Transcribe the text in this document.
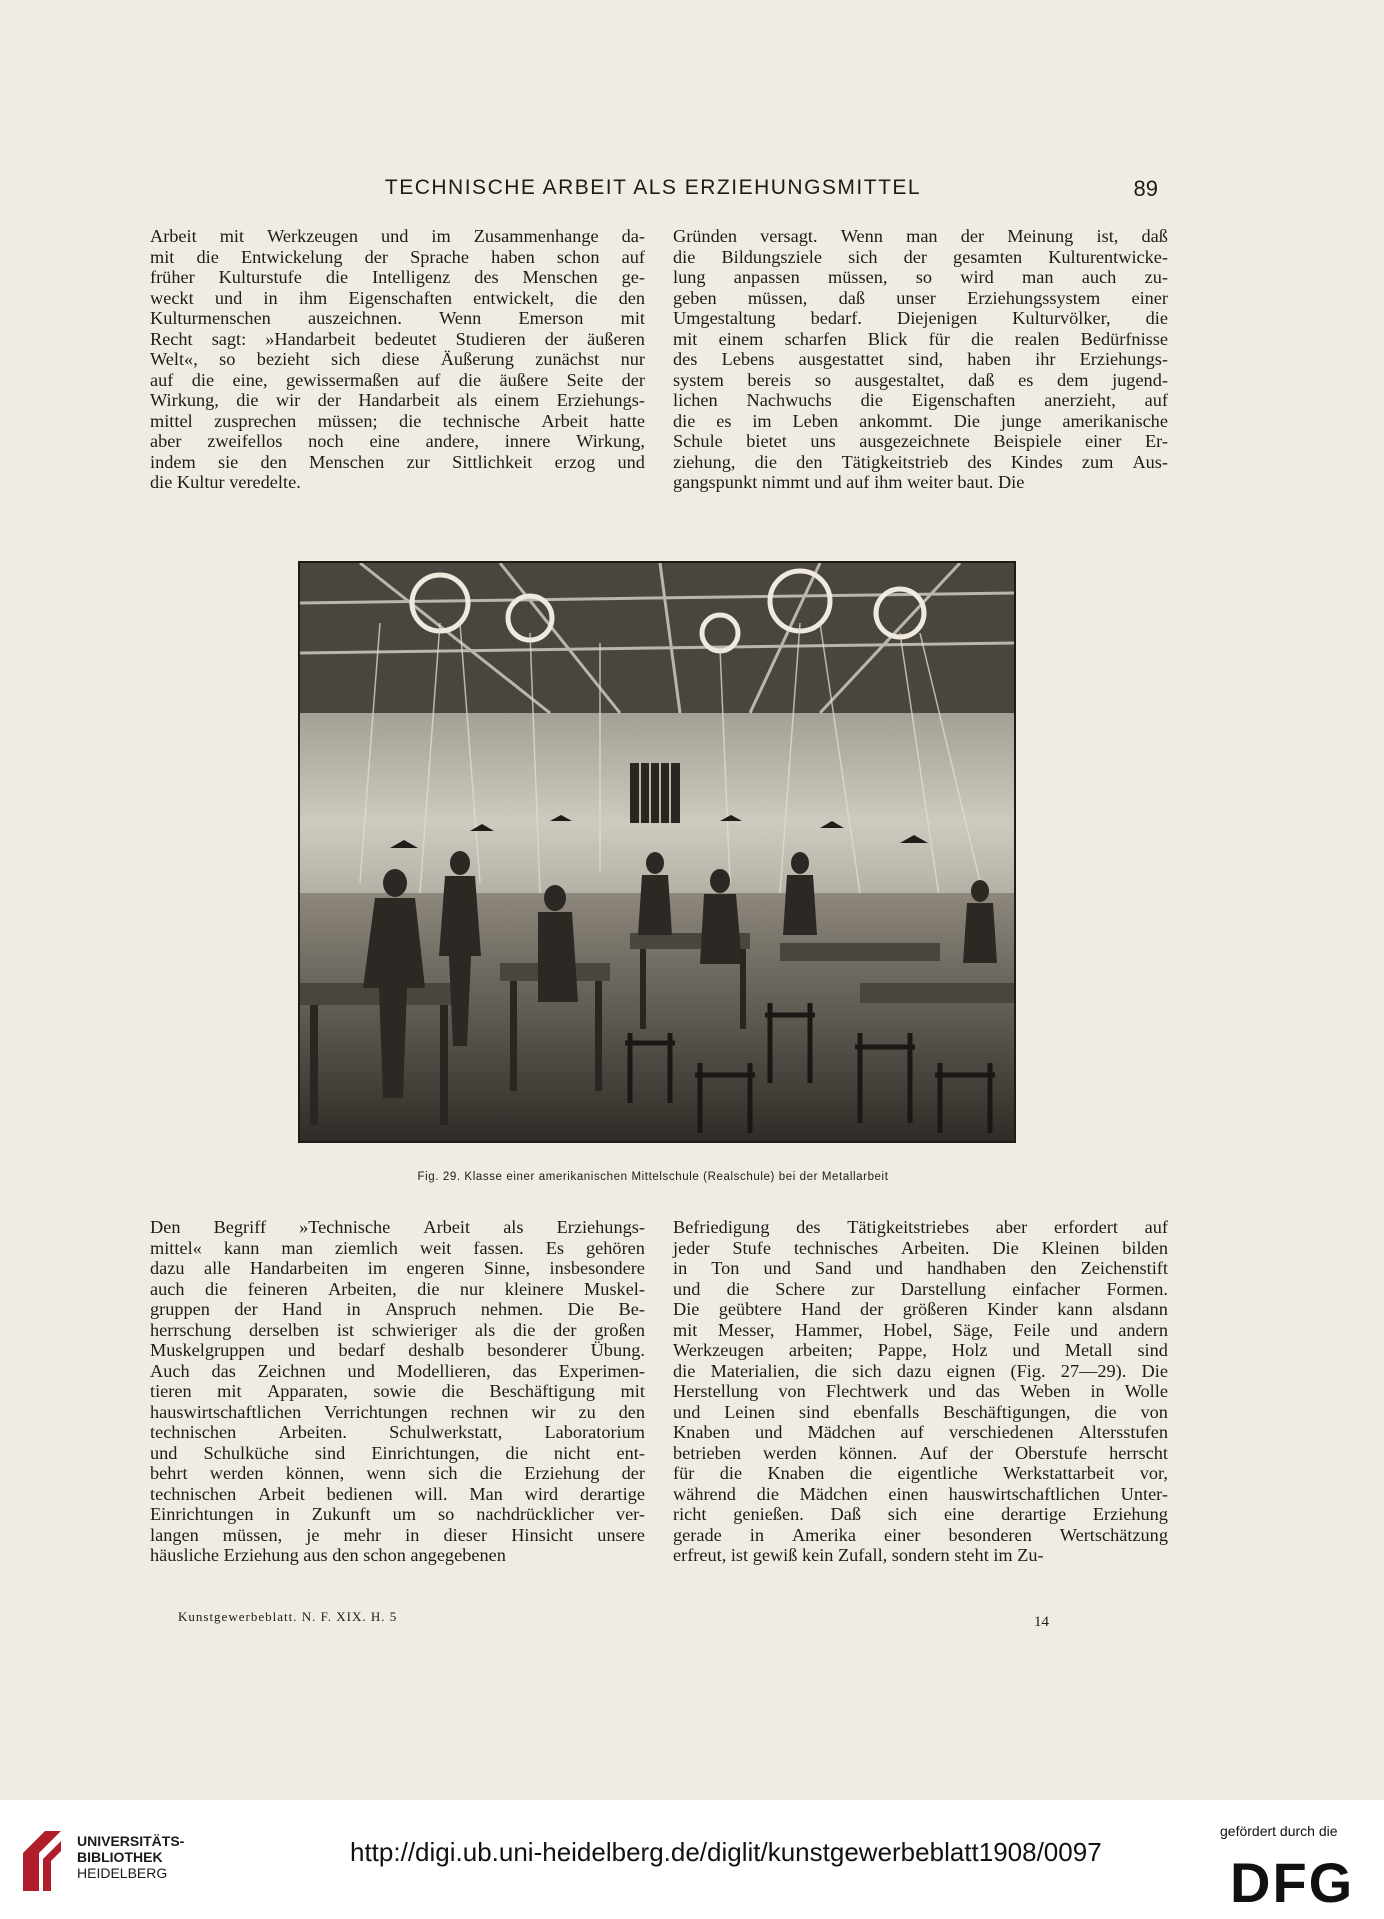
TECHNISCHE ARBEIT ALS ERZIEHUNGSMITTEL	89
Arbeit mit Werkzeugen und im Zusammenhange da-
mit die Entwickelung der Sprache haben schon auf
früher Kulturstufe die Intelligenz des Menschen ge-
weckt und in ihm Eigenschaften entwickelt, die den
Kulturmenschen auszeichnen. Wenn Emerson mit
Recht sagt: »Handarbeit bedeutet Studieren der äußeren
Welt«, so bezieht sich diese Äußerung zunächst nur
auf die eine, gewissermaßen auf die äußere Seite der
Wirkung, die wir der Handarbeit als einem Erziehungs-
mittel zusprechen müssen; die technische Arbeit hatte
aber zweifellos noch eine andere, innere Wirkung,
indem sie den Menschen zur Sittlichkeit erzog und
die Kultur veredelte.
Gründen versagt. Wenn man der Meinung ist, daß
die Bildungsziele sich der gesamten Kulturentwicke-
lung anpassen müssen, so wird man auch zu-
geben müssen, daß unser Erziehungssystem einer
Umgestaltung bedarf. Diejenigen Kulturvölker, die
mit einem scharfen Blick für die realen Bedürfnisse
des Lebens ausgestattet sind, haben ihr Erziehungs-
system bereis so ausgestaltet, daß es dem jugend-
lichen Nachwuchs die Eigenschaften anerzieht, auf
die es im Leben ankommt. Die junge amerikanische
Schule bietet uns ausgezeichnete Beispiele einer Er-
ziehung, die den Tätigkeitstrieb des Kindes zum Aus-
gangspunkt nimmt und auf ihm weiter baut. Die
Fig. 29. Klasse einer amerikanischen Mittelschule (Realschule) bei der Metallarbeit
Den Begriff »Technische Arbeit als Erziehungs-
mittel« kann man ziemlich weit fassen. Es gehören
dazu alle Handarbeiten im engeren Sinne, insbesondere
auch die feineren Arbeiten, die nur kleinere Muskel-
gruppen der Hand in Anspruch nehmen. Die Be-
herrschung derselben ist schwieriger als die der großen
Muskelgruppen und bedarf deshalb besonderer Übung.
Auch das Zeichnen und Modellieren, das Experimen-
tieren mit Apparaten, sowie die Beschäftigung mit
hauswirtschaftlichen Verrichtungen rechnen wir zu den
technischen Arbeiten. Schulwerkstatt, Laboratorium
und Schulküche sind Einrichtungen, die nicht ent-
behrt werden können, wenn sich die Erziehung der
technischen Arbeit bedienen will. Man wird derartige
Einrichtungen in Zukunft um so nachdrücklicher ver-
langen müssen, je mehr in dieser Hinsicht unsere
häusliche Erziehung aus den schon angegebenen
Befriedigung des Tätigkeitstriebes aber erfordert auf
jeder Stufe technisches Arbeiten. Die Kleinen bilden
in Ton und Sand und handhaben den Zeichenstift
und die Schere zur Darstellung einfacher Formen.
Die geübtere Hand der größeren Kinder kann alsdann
mit Messer, Hammer, Hobel, Säge, Feile und andern
Werkzeugen arbeiten; Pappe, Holz und Metall sind
die Materialien, die sich dazu eignen (Fig. 27—29). Die
Herstellung von Flechtwerk und das Weben in Wolle
und Leinen sind ebenfalls Beschäftigungen, die von
Knaben und Mädchen auf verschiedenen Altersstufen
betrieben werden können. Auf der Oberstufe herrscht
für die Knaben die eigentliche Werkstattarbeit vor,
während die Mädchen einen hauswirtschaftlichen Unter-
richt genießen. Daß sich eine derartige Erziehung
gerade in Amerika einer besonderen Wertschätzung
erfreut, ist gewiß kein Zufall, sondern steht im Zu-
Kunstgewerbeblatt. N. F. XIX. H. 5	14
UNIVERSITÄTS-
BIBLIOTHEK
HEIDELBERG
http://digi.ub.uni-heidelberg.de/diglit/kunstgewerbeblatt1908/0097
gefördert durch die
DFG
